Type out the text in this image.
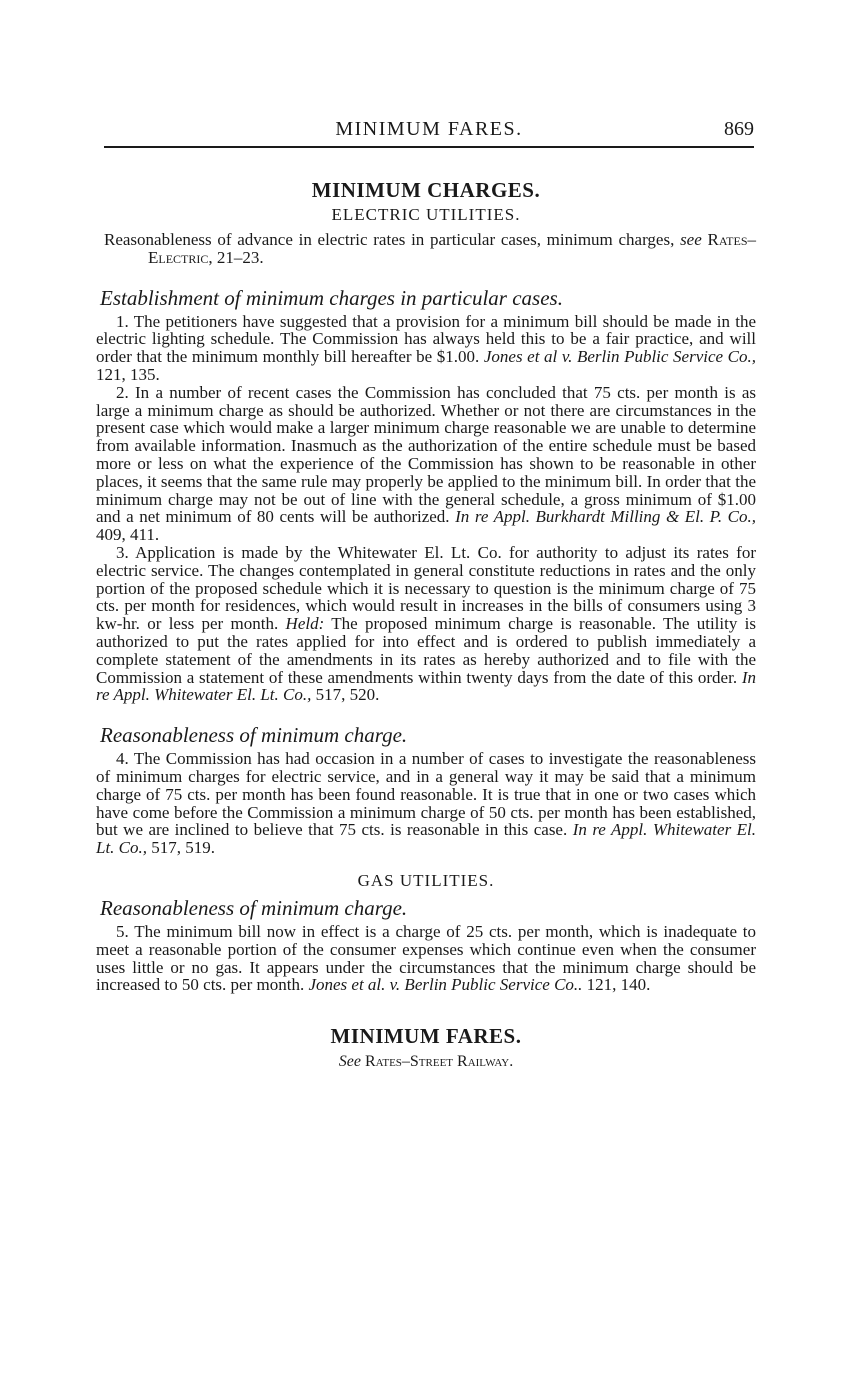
MINIMUM FARES.	869
MINIMUM CHARGES.
ELECTRIC UTILITIES.

Reasonableness of advance in electric rates in particular cases, minimum charges, see Rates–Electric, 21–23.

Establishment of minimum charges in particular cases.

1. The petitioners have suggested that a provision for a minimum bill should be made in the electric lighting schedule. The Commission has always held this to be a fair practice, and will order that the minimum monthly bill hereafter be $1.00. Jones et al v. Berlin Public Service Co., 121, 135.

2. In a number of recent cases the Commission has concluded that 75 cts. per month is as large a minimum charge as should be authorized. Whether or not there are circumstances in the present case which would make a larger minimum charge reasonable we are unable to determine from available information. Inasmuch as the authorization of the entire schedule must be based more or less on what the experience of the Commission has shown to be reasonable in other places, it seems that the same rule may properly be applied to the minimum bill. In order that the minimum charge may not be out of line with the general schedule, a gross minimum of $1.00 and a net minimum of 80 cents will be authorized. In re Appl. Burkhardt Milling & El. P. Co., 409, 411.

3. Application is made by the Whitewater El. Lt. Co. for authority to adjust its rates for electric service. The changes contemplated in general constitute reductions in rates and the only portion of the proposed schedule which it is necessary to question is the minimum charge of 75 cts. per month for residences, which would result in increases in the bills of consumers using 3 kw-hr. or less per month. Held: The proposed minimum charge is reasonable. The utility is authorized to put the rates applied for into effect and is ordered to publish immediately a complete statement of the amendments in its rates as hereby authorized and to file with the Commission a statement of these amendments within twenty days from the date of this order. In re Appl. Whitewater El. Lt. Co., 517, 520.

Reasonableness of minimum charge.

4. The Commission has had occasion in a number of cases to investigate the reasonableness of minimum charges for electric service, and in a general way it may be said that a minimum charge of 75 cts. per month has been found reasonable. It is true that in one or two cases which have come before the Commission a minimum charge of 50 cts. per month has been established, but we are inclined to believe that 75 cts. is reasonable in this case. In re Appl. Whitewater El. Lt. Co., 517, 519.

GAS UTILITIES.
Reasonableness of minimum charge.

5. The minimum bill now in effect is a charge of 25 cts. per month, which is inadequate to meet a reasonable portion of the consumer expenses which continue even when the consumer uses little or no gas. It appears under the circumstances that the minimum charge should be increased to 50 cts. per month. Jones et al. v. Berlin Public Service Co.. 121, 140.

MINIMUM FARES.
See Rates–Street Railway.
